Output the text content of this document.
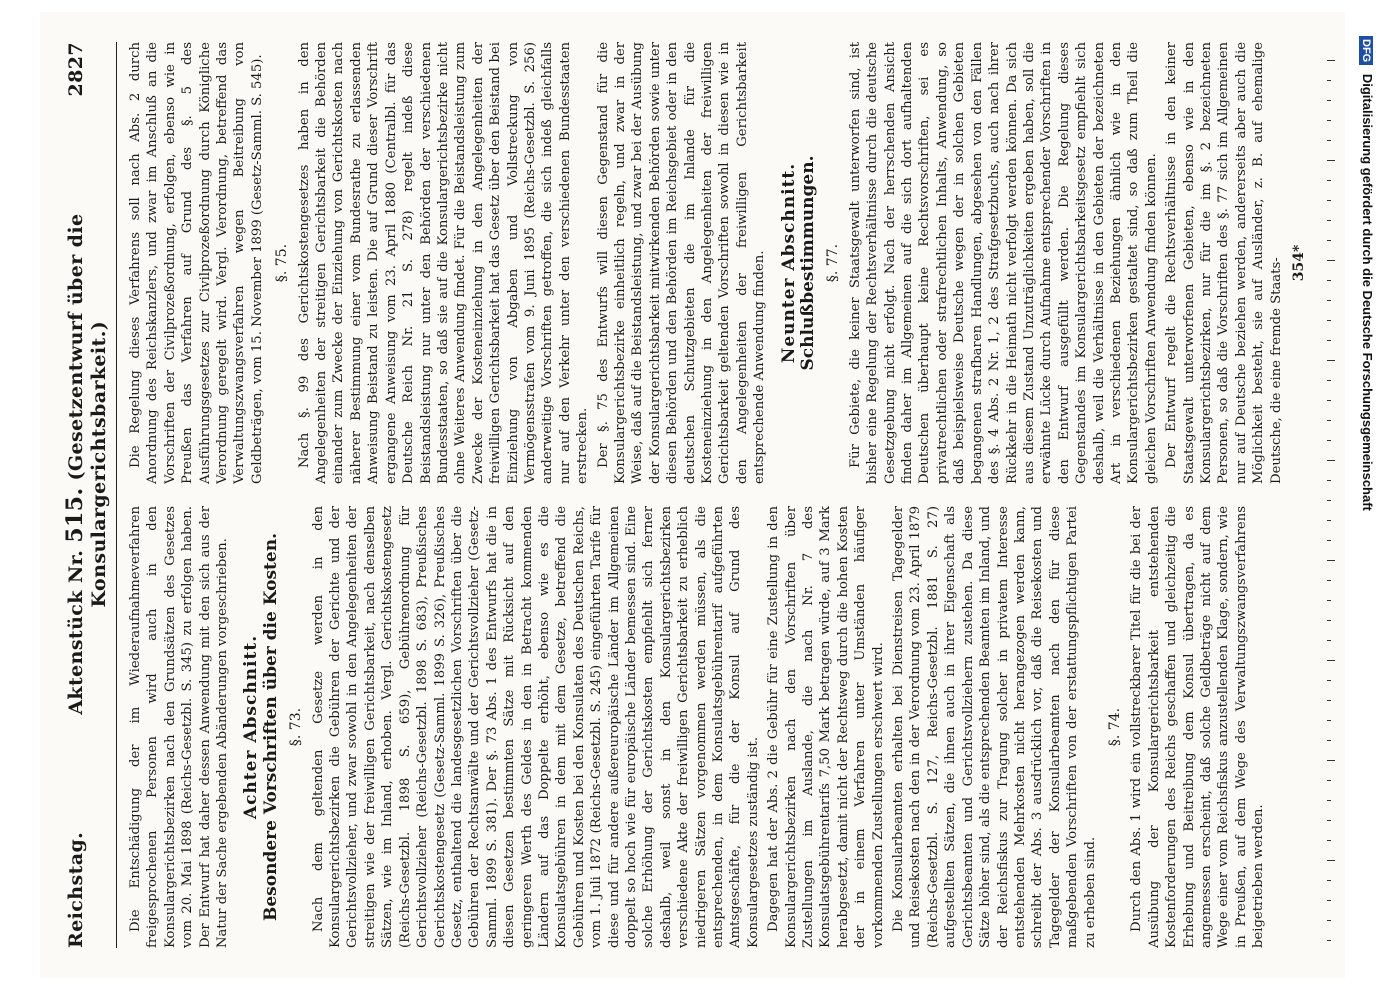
Reichstag.
Aktenstück Nr. 515. (Gesetzentwurf über die Konsulargerichtsbarkeit.)
2827

Die Entschädigung der im Wiederaufnahmeverfahren freigesprochenen Personen wird auch in den Konsulargerichtsbezirken nach den Grundsätzen des Gesetzes vom 20. Mai 1898 (Reichs-Gesetzbl. S. 345) zu erfolgen haben. Der Entwurf hat daher dessen Anwendung mit den sich aus der Natur der Sache ergebenden Abänderungen vorgeschrieben. Achter Abschnitt. Besondere Vorschriften über die Kosten. §. 73. Nach dem geltenden Gesetze werden in den Konsulargerichtsbezirken die Gebühren der Gerichte und der Gerichtsvollzieher, und zwar sowohl in den Angelegenheiten der streitigen wie der freiwilligen Gerichtsbarkeit, nach denselben Sätzen, wie im Inland, erhoben. Vergl. Gerichtskostengesetz (Reichs-Gesetzbl. 1898 S. 659), Gebührenordnung für Gerichtsvollzieher (Reichs-Gesetzbl. 1898 S. 683), Preußisches Gerichtskostengesetz (Gesetz-Samml. 1899 S. 326), Preußisches Gesetz, enthaltend die landesgesetzlichen Vorschriften über die Gebühren der Rechtsanwälte und der Gerichtsvollzieher (Gesetz-Samml. 1899 S. 381). Der §. 73 Abs. 1 des Entwurfs hat die in diesen Gesetzen bestimmten Sätze mit Rücksicht auf den geringeren Werth des Geldes in den in Betracht kommenden Ländern auf das Doppelte erhöht, ebenso wie es die Konsulatsgebühren in dem mit dem Gesetze, betreffend die Gebühren und Kosten bei den Konsulaten des Deutschen Reichs, vom 1. Juli 1872 (Reichs-Gesetzbl. S. 245) eingeführten Tarife für diese und für andere außereuropäische Länder im Allgemeinen doppelt so hoch wie für europäische Länder bemessen sind. Eine solche Erhöhung der Gerichtskosten empfiehlt sich ferner deshalb, weil sonst in den Konsulargerichtsbezirken verschiedene Akte der freiwilligen Gerichtsbarkeit zu erheblich niedrigeren Sätzen vorgenommen werden müssen, als die entsprechenden, in dem Konsulatsgebührentarif aufgeführten Amtsgeschäfte, für die der Konsul auf Grund des Konsulargesetzes zuständig ist. Dagegen hat der Abs. 2 die Gebühr für eine Zustellung in den Konsulargerichtsbezirken nach den Vorschriften über Zustellungen im Auslande, die nach Nr. 7 des Konsulatsgebührentarifs 7,50 Mark betragen würde, auf 3 Mark herabgesetzt, damit nicht der Rechtsweg durch die hohen Kosten der in einem Verfahren unter Umständen häufiger vorkommenden Zustellungen erschwert wird. Die Konsularbeamten erhalten bei Dienstreisen Tagegelder und Reisekosten nach den in der Verordnung vom 23. April 1879 (Reichs-Gesetzbl. S. 127, Reichs-Gesetzbl. 1881 S. 27) aufgestellten Sätzen, die ihnen auch in ihrer Eigenschaft als Gerichtsbeamten und Gerichtsvollziehern zustehen. Da diese Sätze höher sind, als die entsprechenden Beamten im Inland, und der Reichsfiskus zur Tragung solcher in privatem Interesse entstehenden Mehrkosten nicht herangezogen werden kann, schreibt der Abs. 3 ausdrücklich vor, daß die Reisekosten und Tagegelder der Konsularbeamten nach den für diese maßgebenden Vorschriften von der erstattungspflichtigen Partei zu erheben sind.

§. 74. Durch den Abs. 1 wird ein vollstreckbarer Titel für die bei der Ausübung der Konsulargerichtsbarkeit entstehenden Kostenforderungen des Reichs geschaffen und gleichzeitig die Erhebung und Beitreibung dem Konsul übertragen, da es angemessen erscheint, daß solche Geldbeträge nicht auf dem Wege einer vom Reichsfiskus anzustellenden Klage, sondern, wie in Preußen, auf dem Wege des Verwaltungszwangsverfahrens beigetrieben werden.

Die Regelung dieses Verfahrens soll nach Abs. 2 durch Anordnung des Reichskanzlers, und zwar im Anschluß an die Vorschriften der Civilprozeßordnung, erfolgen, ebenso wie in Preußen das Verfahren auf Grund des §. 5 des Ausführungsgesetzes zur Civilprozeßordnung durch Königliche Verordnung geregelt wird. Vergl. Verordnung, betreffend das Verwaltungszwangsverfahren wegen Beitreibung von Geldbeträgen, vom 15. November 1899 (Gesetz-Samml. S. 545). §. 75. Nach §. 99 des Gerichtskostengesetzes haben in den Angelegenheiten der streitigen Gerichtsbarkeit die Behörden einander zum Zwecke der Einziehung von Gerichtskosten nach näherer Bestimmung einer vom Bundesrathe zu erlassenden Anweisung Beistand zu leisten. Die auf Grund dieser Vorschrift ergangene Anweisung vom 23. April 1880 (Centralbl. für das Deutsche Reich Nr. 21 S. 278) regelt indeß diese Beistandsleistung nur unter den Behörden der verschiedenen Bundesstaaten, so daß sie auf die Konsulargerichtsbezirke nicht ohne Weiteres Anwendung findet. Für die Beistandsleistung zum Zwecke der Kosteneinziehung in den Angelegenheiten der freiwilligen Gerichtsbarkeit hat das Gesetz über den Beistand bei Einziehung von Abgaben und Vollstreckung von Vermögensstrafen vom 9. Juni 1895 (Reichs-Gesetzbl. S. 256) anderweitige Vorschriften getroffen, die sich indeß gleichfalls nur auf den Verkehr unter den verschiedenen Bundesstaaten erstrecken. Der §. 75 des Entwurfs will diesen Gegenstand für die Konsulargerichtsbezirke einheitlich regeln, und zwar in der Weise, daß auf die Beistandsleistung, und zwar bei der Ausübung der Konsulargerichtsbarkeit mitwirkenden Behörden sowie unter diesen Behörden und den Behörden im Reichsgebiet oder in den deutschen Schutzgebieten die im Inlande für die Kosteneinziehung in den Angelegenheiten der freiwilligen Gerichtsbarkeit geltenden Vorschriften sowohl in diesen wie in den Angelegenheiten der freiwilligen Gerichtsbarkeit entsprechende Anwendung finden. Neunter Abschnitt. Schlußbestimmungen. §. 77. Für Gebiete, die keiner Staatsgewalt unterworfen sind, ist bisher eine Regelung der Rechtsverhältnisse durch die deutsche Gesetzgebung nicht erfolgt. Nach der herrschenden Ansicht finden daher im Allgemeinen auf die sich dort aufhaltenden Deutschen überhaupt keine Rechtsvorschriften, sei es privatrechtlichen oder strafrechtlichen Inhalts, Anwendung, so daß beispielsweise Deutsche wegen der in solchen Gebieten begangenen strafbaren Handlungen, abgesehen von den Fällen des §. 4 Abs. 2 Nr. 1, 2 des Strafgesetzbuchs, auch nach ihrer Rückkehr in die Heimath nicht verfolgt werden können. Da sich aus diesem Zustand Unzuträglichkeiten ergeben haben, soll die erwähnte Lücke durch Aufnahme entsprechender Vorschriften in den Entwurf ausgefüllt werden. Die Regelung dieses Gegenstandes im Konsulargerichtsbarkeitsgesetz empfiehlt sich deshalb, weil die Verhältnisse in den Gebieten der bezeichneten Art in verschiedenen Beziehungen ähnlich wie in den Konsulargerichtsbezirken gestaltet sind, so daß zum Theil die gleichen Vorschriften Anwendung finden können. Der Entwurf regelt die Rechtsverhältnisse in den keiner Staatsgewalt unterworfenen Gebieten, ebenso wie in den Konsulargerichtsbezirken, nur für die im §. 2 bezeichneten Personen, so daß die Vorschriften des §. 77 sich im Allgemeinen nur auf Deutsche beziehen werden, andererseits aber auch die Möglichkeit besteht, sie auf Ausländer, z. B. auf ehemalige Deutsche, die eine fremde Staats- 354*
DFG Digitalisierung gefördert durch die Deutsche Forschungsgemeinschaft
